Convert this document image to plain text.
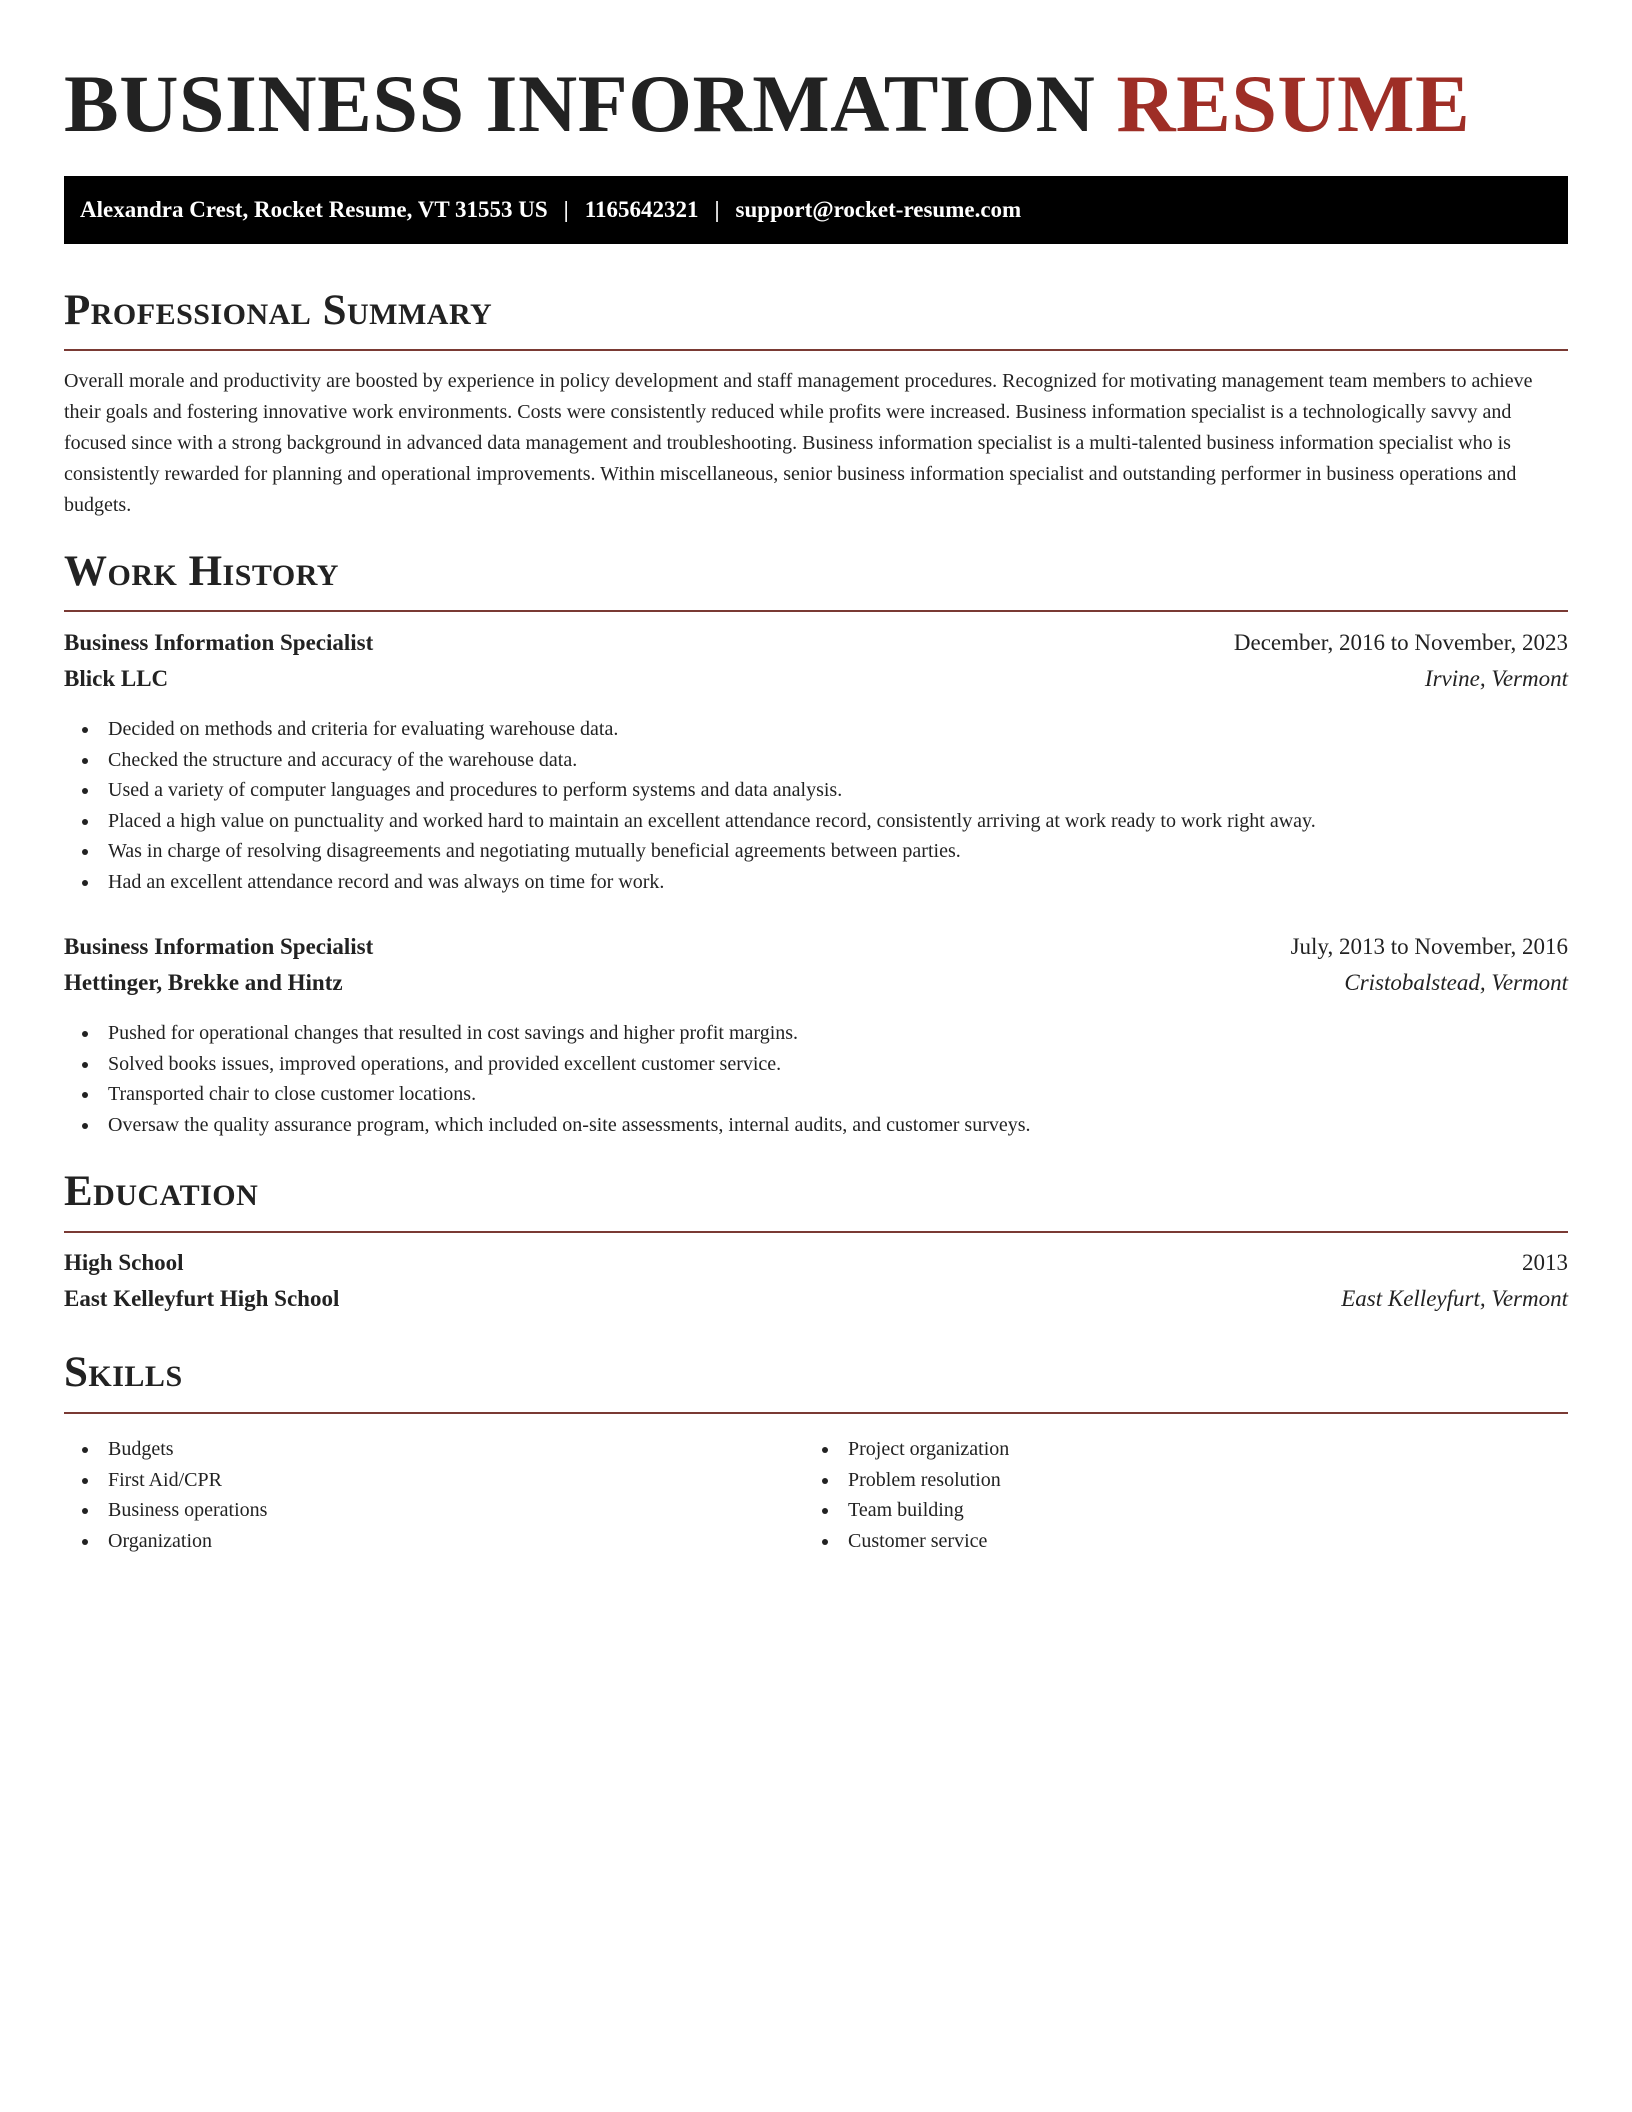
BUSINESS INFORMATION RESUME
Alexandra Crest, Rocket Resume, VT 31553 US | 1165642321 | support@rocket-resume.com
Professional Summary

Overall morale and productivity are boosted by experience in policy development and staff management procedures. Recognized for motivating management team members to achieve their goals and fostering innovative work environments. Costs were consistently reduced while profits were increased. Business information specialist is a technologically savvy and focused since with a strong background in advanced data management and troubleshooting. Business information specialist is a multi-talented business information specialist who is consistently rewarded for planning and operational improvements. Within miscellaneous, senior business information specialist and outstanding performer in business operations and budgets.

Work History
Business Information Specialist	December, 2016 to November, 2023
Blick LLC	Irvine, Vermont
Decided on methods and criteria for evaluating warehouse data.
Checked the structure and accuracy of the warehouse data.
Used a variety of computer languages and procedures to perform systems and data analysis.
Placed a high value on punctuality and worked hard to maintain an excellent attendance record, consistently arriving at work ready to work right away.
Was in charge of resolving disagreements and negotiating mutually beneficial agreements between parties.
Had an excellent attendance record and was always on time for work.
Business Information Specialist	July, 2013 to November, 2016
Hettinger, Brekke and Hintz	Cristobalstead, Vermont
Pushed for operational changes that resulted in cost savings and higher profit margins.
Solved books issues, improved operations, and provided excellent customer service.
Transported chair to close customer locations.
Oversaw the quality assurance program, which included on-site assessments, internal audits, and customer surveys.
Education
High School	2013
East Kelleyfurt High School	East Kelleyfurt, Vermont
Skills
Budgets
First Aid/CPR
Business operations
Organization
Project organization
Problem resolution
Team building
Customer service
